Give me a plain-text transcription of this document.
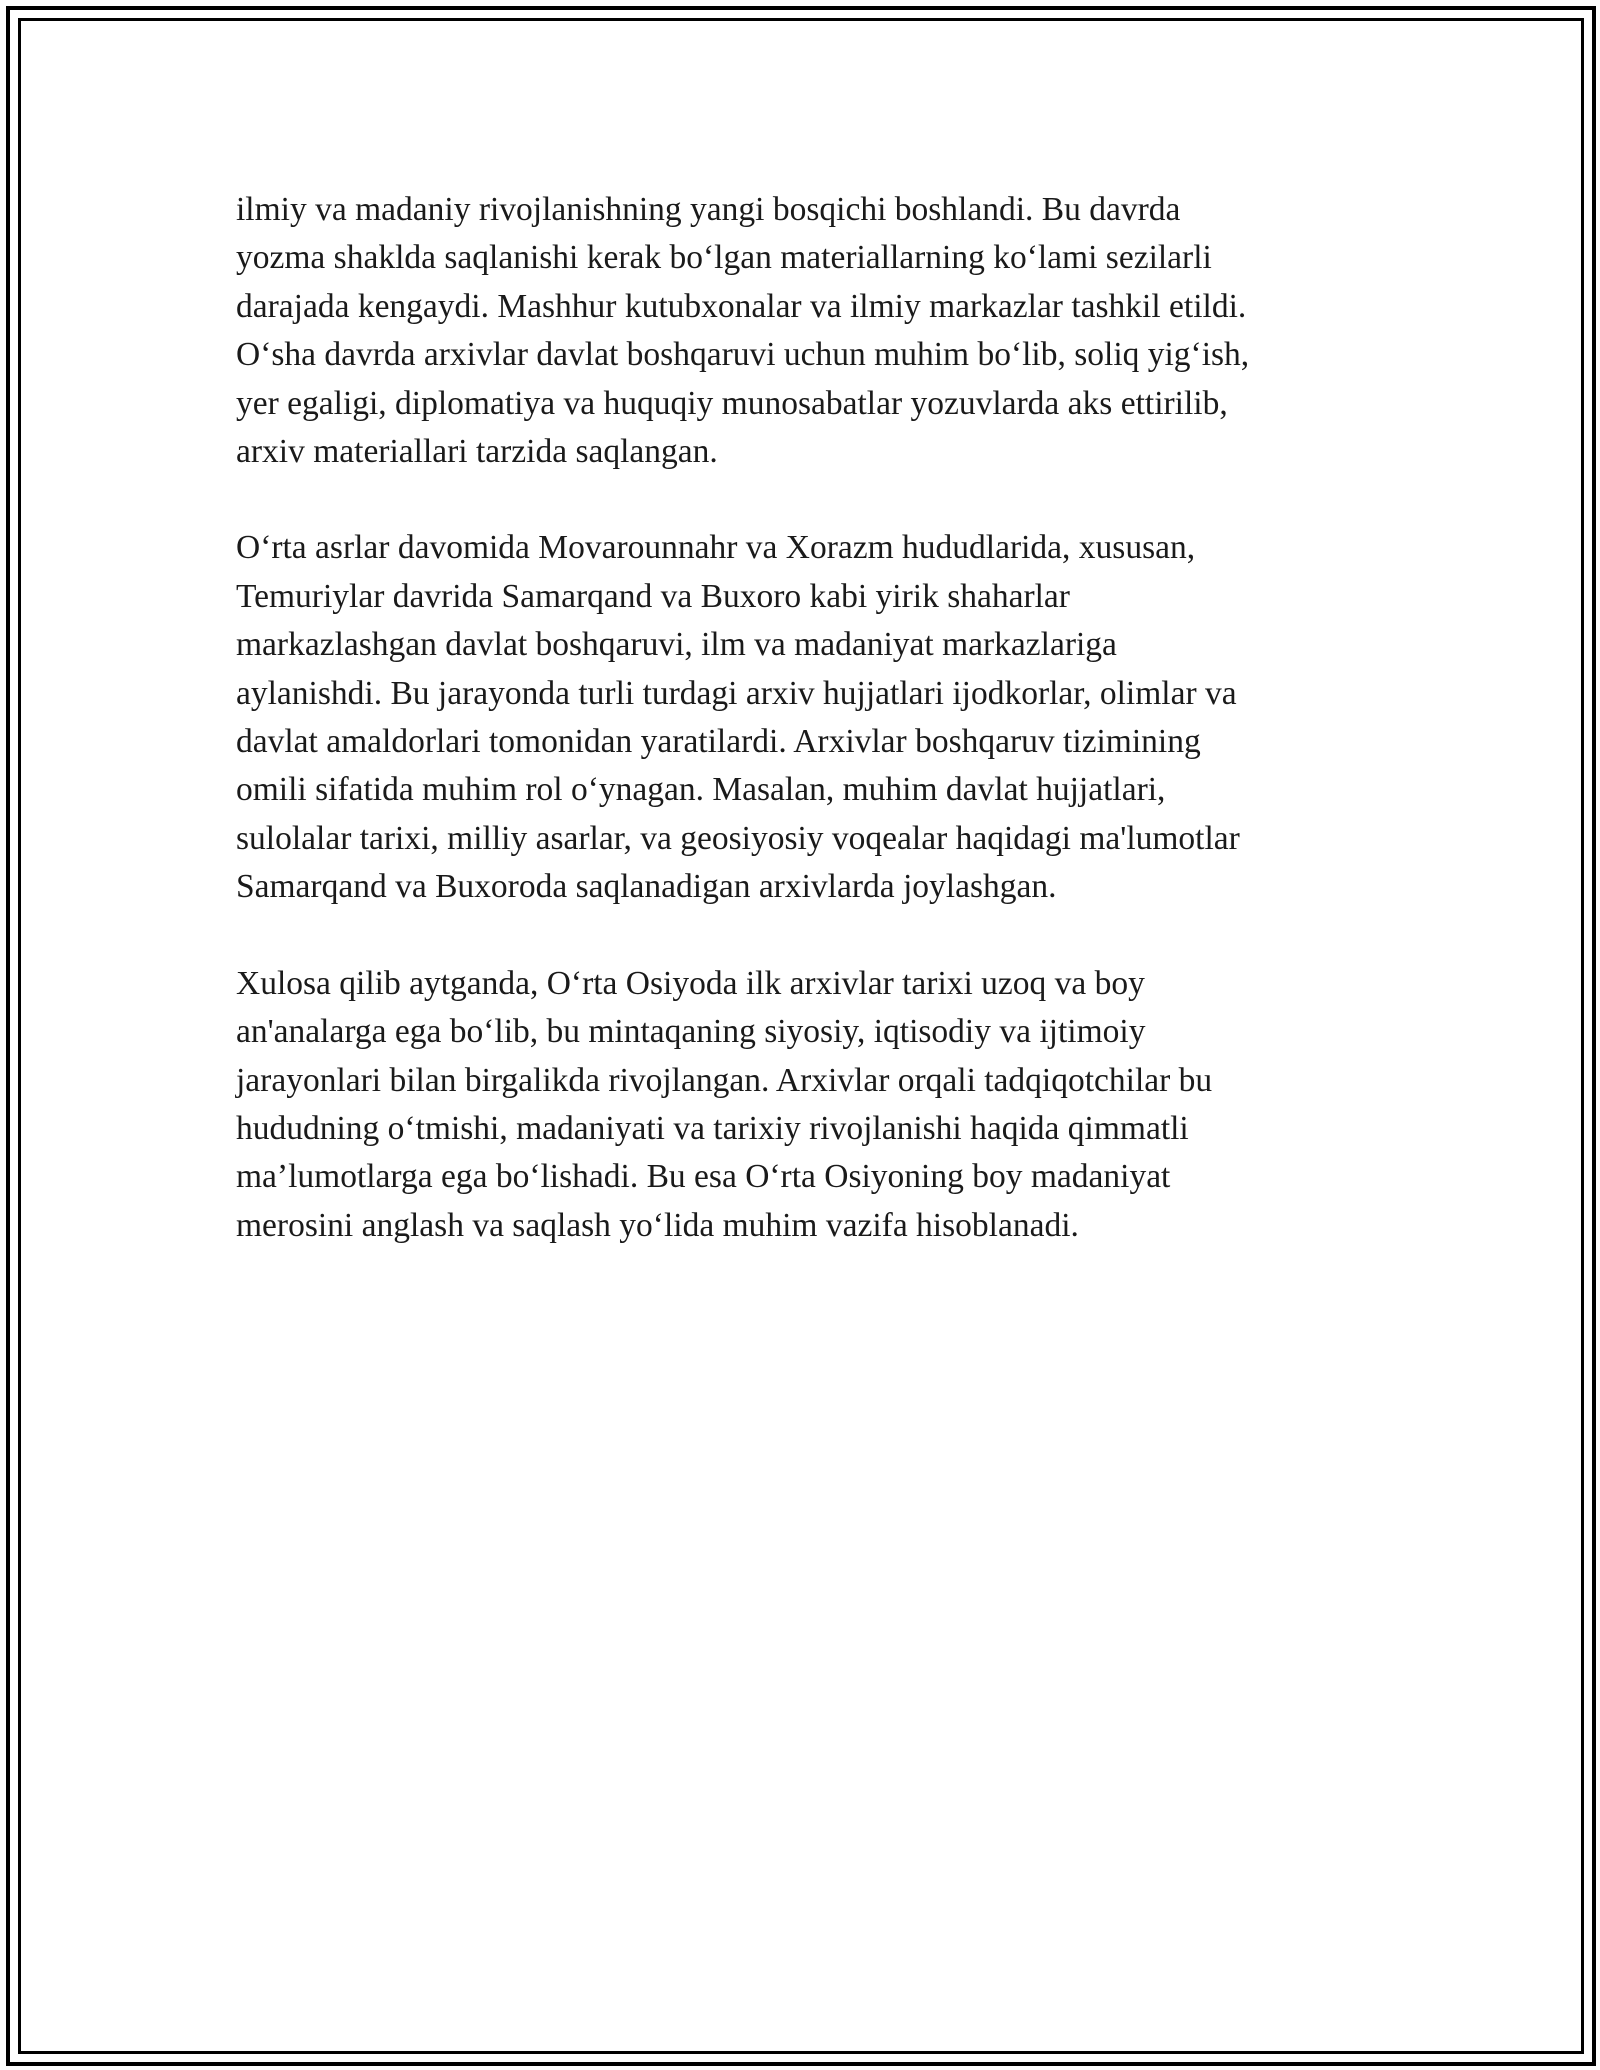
ilmiy va madaniy rivojlanishning yangi bosqichi boshlandi. Bu davrda
yozma shaklda saqlanishi kerak boʻlgan materiallarning koʻlami sezilarli
darajada kengaydi. Mashhur kutubxonalar va ilmiy markazlar tashkil etildi.
Oʻsha davrda arxivlar davlat boshqaruvi uchun muhim boʻlib, soliq yigʻish,
yer egaligi, diplomatiya va huquqiy munosabatlar yozuvlarda aks ettirilib,
arxiv materiallari tarzida saqlangan.

Oʻrta asrlar davomida Movarounnahr va Xorazm hududlarida, xususan,
Temuriylar davrida Samarqand va Buxoro kabi yirik shaharlar
markazlashgan davlat boshqaruvi, ilm va madaniyat markazlariga
aylanishdi. Bu jarayonda turli turdagi arxiv hujjatlari ijodkorlar, olimlar va
davlat amaldorlari tomonidan yaratilardi. Arxivlar boshqaruv tizimining
omili sifatida muhim rol oʻynagan. Masalan, muhim davlat hujjatlari,
sulolalar tarixi, milliy asarlar, va geosiyosiy voqealar haqidagi ma'lumotlar
Samarqand va Buxoroda saqlanadigan arxivlarda joylashgan.

Xulosa qilib aytganda, Oʻrta Osiyoda ilk arxivlar tarixi uzoq va boy
an'analarga ega boʻlib, bu mintaqaning siyosiy, iqtisodiy va ijtimoiy
jarayonlari bilan birgalikda rivojlangan. Arxivlar orqali tadqiqotchilar bu
hududning oʻtmishi, madaniyati va tarixiy rivojlanishi haqida qimmatli
ma’lumotlarga ega boʻlishadi. Bu esa Oʻrta Osiyoning boy madaniyat
merosini anglash va saqlash yoʻlida muhim vazifa hisoblanadi.
